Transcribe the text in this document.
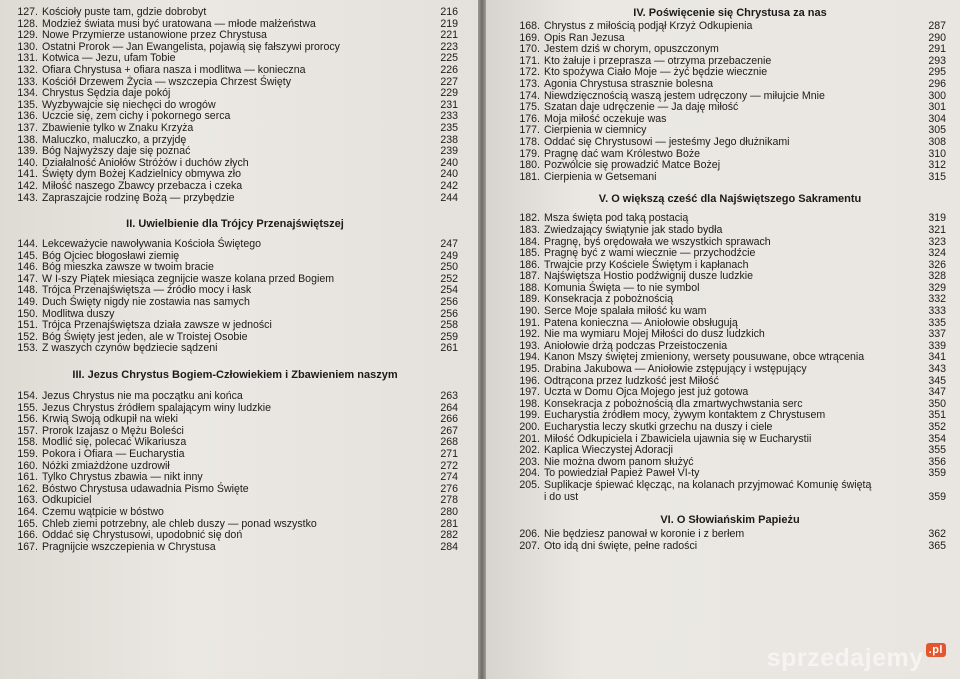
127. Kościoły puste tam, gdzie dobrobyt	216
128. Modzież świata musi być uratowana — młode małżeństwa	219
129. Nowe Przymierze ustanowione przez Chrystusa	221
130. Ostatni Prorok — Jan Ewangelista, pojawią się fałszywi prorocy	223
131. Kotwica — Jezu, ufam Tobie	225
132. Ofiara Chrystusa + ofiara nasza i modlitwa — konieczna	226
133. Kościół Drzewem Życia — wszczepia Chrzest Święty	227
134. Chrystus Sędzia daje pokój	229
135. Wyzbywajcie się niechęci do wrogów	231
136. Uczcie się, zem cichy i pokornego serca	233
137. Zbawienie tylko w Znaku Krzyża	235
138. Maluczko, maluczko, a przyjdę	238
139. Bóg Najwyższy daje się poznać	239
140. Działalność Aniołów Stróżów i duchów złych	240
141. Święty dym Bożej Kadzielnicy obmywa zło	240
142. Miłość naszego Zbawcy przebacza i czeka	242
143. Zapraszajcie rodzinę Bożą — przybędzie	244
II. Uwielbienie dla Trójcy Przenajświętszej
144. Lekceważycie nawoływania Kościoła Świętego	247
145. Bóg Ojciec błogosławi ziemię	249
146. Bóg mieszka zawsze w twoim bracie	250
147. W I-szy Piątek miesiąca zegnijcie wasze kolana przed Bogiem	252
148. Trójca Przenajświętsza — źródło mocy i łask	254
149. Duch Święty nigdy nie zostawia nas samych	256
150. Modlitwa duszy	256
151. Trójca Przenajświętsza działa zawsze w jedności	258
152. Bóg Święty jest jeden, ale w Troistej Osobie	259
153. Z waszych czynów będziecie sądzeni	261
III. Jezus Chrystus Bogiem-Człowiekiem i Zbawieniem naszym
154. Jezus Chrystus nie ma początku ani końca	263
155. Jezus Chrystus źródłem spalającym winy ludzkie	264
156. Krwią Swoją odkupił na wieki	266
157. Prorok Izajasz o Mężu Boleści	267
158. Modlić się, polecać Wikariusza	268
159. Pokora i Ofiara — Eucharystia	271
160. Nóżki zmiażdżone uzdrowił	272
161. Tylko Chrystus zbawia — nikt inny	274
162. Bóstwo Chrystusa udawadnia Pismo Święte	276
163. Odkupiciel	278
164. Czemu wątpicie w bóstwo	280
165. Chleb ziemi potrzebny, ale chleb duszy — ponad wszystko	281
166. Oddać się Chrystusowi, upodobnić się doń	282
167. Pragnijcie wszczepienia w Chrystusa	284
IV. Poświęcenie się Chrystusa za nas
168. Chrystus z miłością podjął Krzyż Odkupienia	287
169. Opis Ran Jezusa	290
170. Jestem dziś w chorym, opuszczonym	291
171. Kto żałuje i przeprasza — otrzyma przebaczenie	293
172. Kto spożywa Ciało Moje — żyć będzie wiecznie	295
173. Agonia Chrystusa strasznie bolesna	296
174. Niewdzięcznością waszą jestem udręczony — miłujcie Mnie	300
175. Szatan daje udręczenie — Ja daję miłość	301
176. Moja miłość oczekuje was	304
177. Cierpienia w ciemnicy	305
178. Oddać się Chrystusowi — jesteśmy Jego dłużnikami	308
179. Pragnę dać wam Królestwo Boże	310
180. Pozwólcie się prowadzić Matce Bożej	312
181. Cierpienia w Getsemani	315
V. O większą cześć dla Najświętszego Sakramentu
182. Msza święta pod taką postacią	319
183. Zwiedzający świątynie jak stado bydła	321
184. Pragnę, byś orędowała we wszystkich sprawach	323
185. Pragnę być z wami wiecznie — przychodźcie	324
186. Trwajcie przy Kościele Świętym i kapłanach	326
187. Najświętsza Hostio podźwignij dusze ludzkie	328
188. Komunia Święta — to nie symbol	329
189. Konsekracja z pobożnością	332
190. Serce Moje spalała miłość ku wam	333
191. Patena konieczna — Aniołowie obsługują	335
192. Nie ma wymiaru Mojej Miłości do dusz ludzkich	337
193. Aniołowie drżą podczas Przeistoczenia	339
194. Kanon Mszy świętej zmieniony, wersety pousuwane, obce wtrącenia	341
195. Drabina Jakubowa — Aniołowie zstępujący i wstępujący	343
196. Odtrącona przez ludzkość jest Miłość	345
197. Uczta w Domu Ojca Mojego jest już gotowa	347
198. Konsekracja z pobożnością dla zmartwychwstania serc	350
199. Eucharystia źródłem mocy, żywym kontaktem z Chrystusem	351
200. Eucharystia leczy skutki grzechu na duszy i ciele	352
201. Miłość Odkupiciela i Zbawiciela ujawnia się w Eucharystii	354
202. Kaplica Wieczystej Adoracji	355
203. Nie można dwom panom służyć	356
204. To powiedział Papież Paweł VI-ty	359
205. Suplikacje śpiewać klęcząc, na kolanach przyjmować Komunię świętą i do ust	359
VI. O Słowiańskim Papieżu
206. Nie będziesz panował w koronie i z berłem	362
207. Oto idą dni święte, pełne radości	365
sprzedajemy $^{.pl}$
